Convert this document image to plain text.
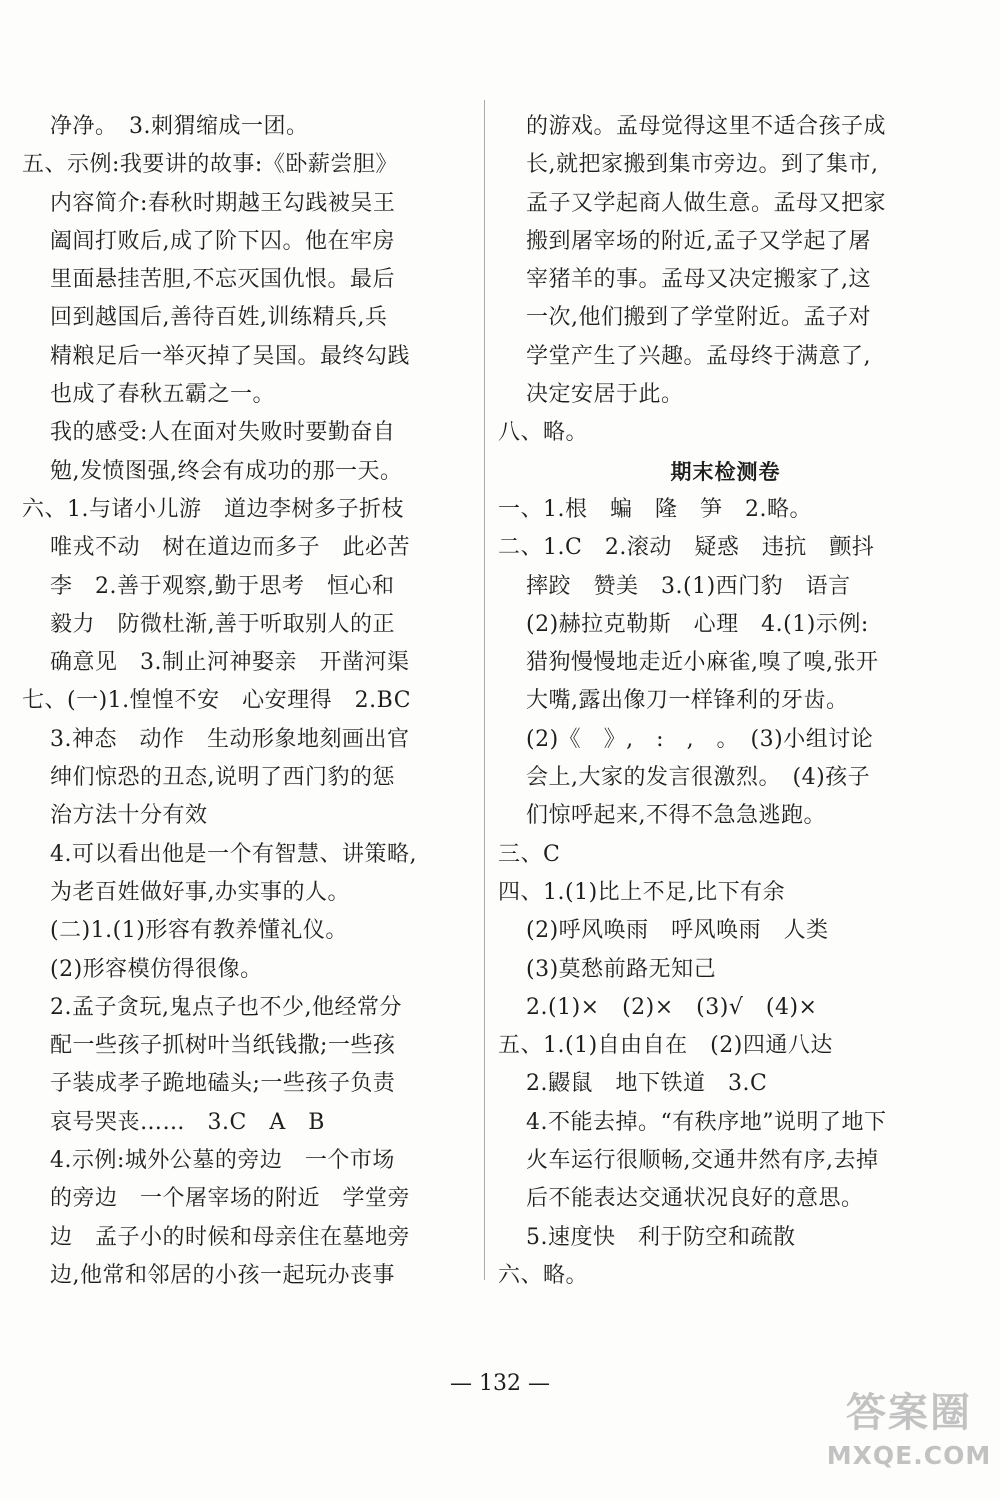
净净。　3.刺猬缩成一团。
五、示例:我要讲的故事:《卧薪尝胆》
内容简介:春秋时期越王勾践被吴王
阖闾打败后,成了阶下囚。他在牢房
里面悬挂苦胆,不忘灭国仇恨。最后
回到越国后,善待百姓,训练精兵,兵
精粮足后一举灭掉了吴国。最终勾践
也成了春秋五霸之一。
我的感受:人在面对失败时要勤奋自
勉,发愤图强,终会有成功的那一天。
六、1.与诸小儿游　道边李树多子折枝
唯戎不动　树在道边而多子　此必苦
李　2.善于观察,勤于思考　恒心和
毅力　防微杜渐,善于听取别人的正
确意见　3.制止河神娶亲　开凿河渠
七、(一)1.惶惶不安　心安理得　2.BC
3.神态　动作　生动形象地刻画出官
绅们惊恐的丑态,说明了西门豹的惩
治方法十分有效
4.可以看出他是一个有智慧、讲策略,
为老百姓做好事,办实事的人。
(二)1.(1)形容有教养懂礼仪。
(2)形容模仿得很像。
2.孟子贪玩,鬼点子也不少,他经常分
配一些孩子抓树叶当纸钱撒;一些孩
子装成孝子跪地磕头;一些孩子负责
哀号哭丧……　3.C　A　B
4.示例:城外公墓的旁边　一个市场
的旁边　一个屠宰场的附近　学堂旁
边　孟子小的时候和母亲住在墓地旁
边,他常和邻居的小孩一起玩办丧事
的游戏。孟母觉得这里不适合孩子成
长,就把家搬到集市旁边。到了集市,
孟子又学起商人做生意。孟母又把家
搬到屠宰场的附近,孟子又学起了屠
宰猪羊的事。孟母又决定搬家了,这
一次,他们搬到了学堂附近。孟子对
学堂产生了兴趣。孟母终于满意了,
决定安居于此。
八、略。
期末检测卷
一、1.根　蝙　隆　笋　2.略。
二、1.C　2.滚动　疑惑　违抗　颤抖
摔跤　赞美　3.(1)西门豹　语言
(2)赫拉克勒斯　心理　4.(1)示例:
猎狗慢慢地走近小麻雀,嗅了嗅,张开
大嘴,露出像刀一样锋利的牙齿。
(2)《　》,　:　,　。　(3)小组讨论
会上,大家的发言很激烈。　(4)孩子
们惊呼起来,不得不急急逃跑。
三、C
四、1.(1)比上不足,比下有余
(2)呼风唤雨　呼风唤雨　人类
(3)莫愁前路无知己
2.(1)×　(2)×　(3)√　(4)×
五、1.(1)自由自在　(2)四通八达
2.鼹鼠　地下铁道　3.C
4.不能去掉。“有秩序地”说明了地下
火车运行很顺畅,交通井然有序,去掉
后不能表达交通状况良好的意思。
5.速度快　利于防空和疏散
六、略。
— 132 —
答案圈
MXQE.COM
